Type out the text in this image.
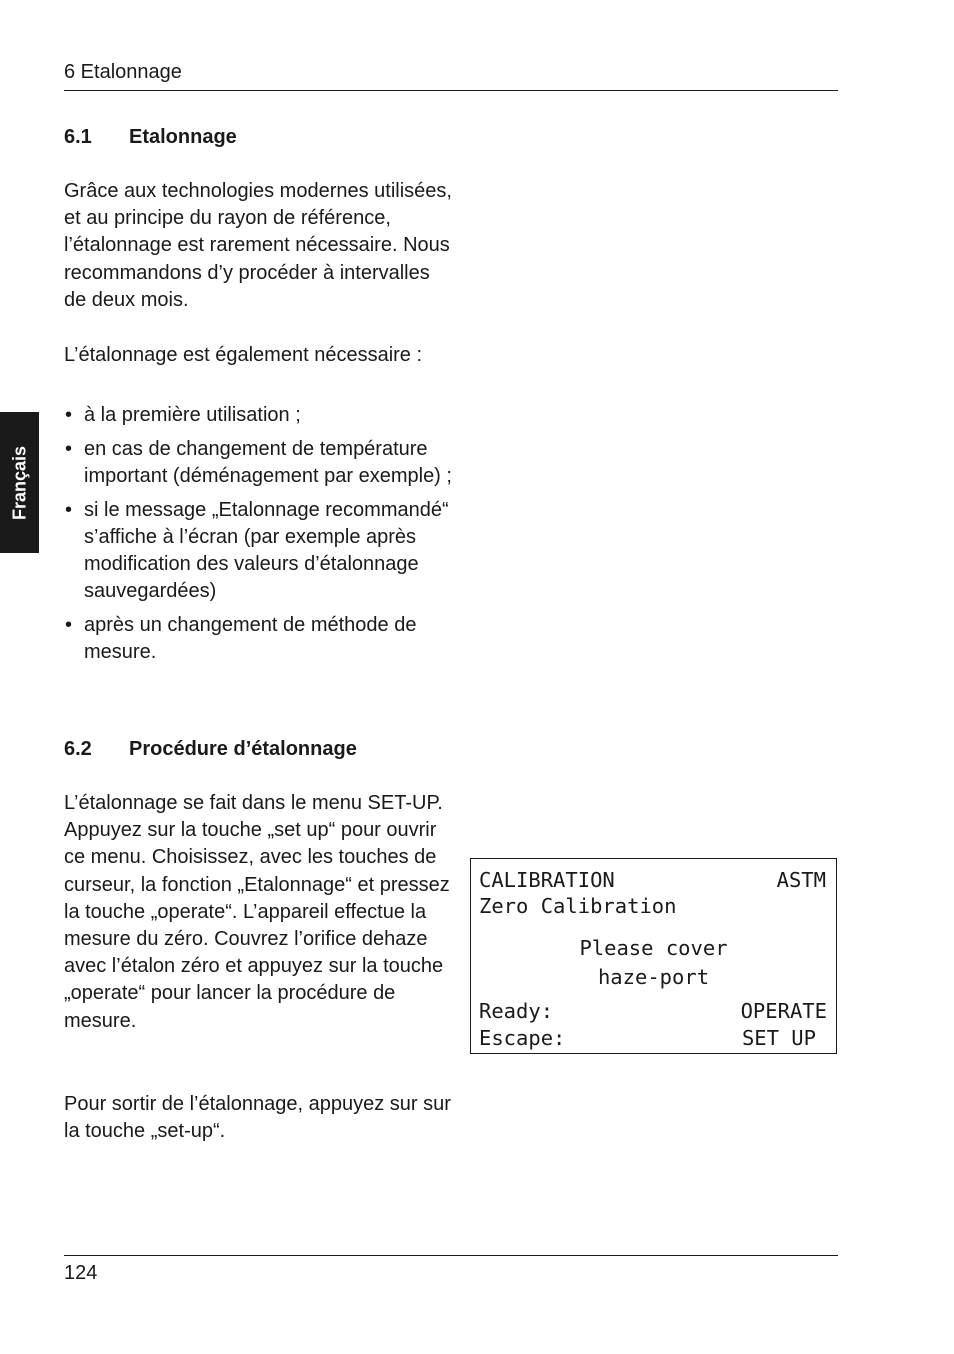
6 Etalonnage
Français
6.1 Etalonnage

Grâce aux technologies modernes utilisées, et au principe du rayon de référence, l’étalonnage est rarement nécessaire. Nous recommandons d’y procéder à intervalles de deux mois.

L’étalonnage est également nécessaire :

• à la première utilisation ;
• en cas de changement de température important (déménagement par exemple) ;
• si le message „Etalonnage recommandé“ s’affiche à l’écran (par exemple après modification des valeurs d’étalonnage sauvegardées)
• après un changement de méthode de mesure.
6.2 Procédure d’étalonnage

L’étalonnage se fait dans le menu SET-UP. Appuyez sur la touche „set up“ pour ouvrir ce menu. Choisissez, avec les touches de curseur, la fonction „Etalonnage“ et pressez la touche „operate“. L’appareil effectue la mesure du zéro. Couvrez l’orifice dehaze avec l’étalon zéro et appuyez sur la touche „operate“ pour lancer la procédure de mesure.

Pour sortir de l’étalonnage, appuyez sur sur la touche „set-up“.

CALIBRATION	ASTM
Zero Calibration
Please cover
haze-port
Ready:	OPERATE
Escape:	SET UP
124
